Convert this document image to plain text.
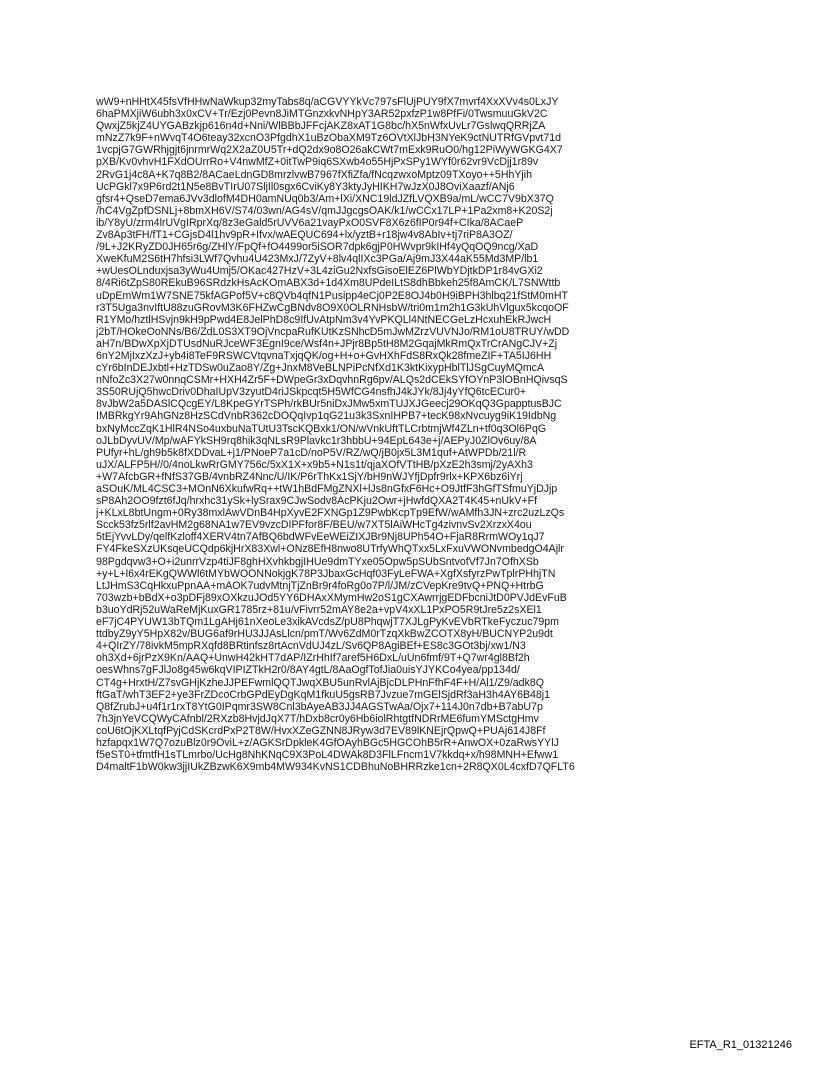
wW9+nHHtX45fsVfHHwNaWkup32myTabs8q/aCGVYYkVc797sFlUjPUY9fX7mvrf4XxXVv4s0LxJY
6haPMXjiW6ubh3x0xCV+Tr/Ezj0Pevn8JiMTGnzxkvNHpY3AR52pxfzP1w8PfFi/0TwsmuuGkV2C
QwxjZ5kjZ4UYGABzkjp616n4d+Nni/WlBBbJFFcjAKZ8xAT1G8bc/hX5nWfxUvLr7GslwqQRRjZA
mNzZ7k9F+nWvqT4O6teay32xcnO3PfgdhX1uBzObaXM9Tz6OVtXlJbH3NYeK9ctNUTRfGVpvt71d
1vcpjG7GWRhjgjt6jnrmrWq2X2aZ0U5Tr+dQ2dx9o8O26akCWt7mExk9RuO0/hg12PiWyWGKG4X7
pXB/Kv0vhvH1FXdOUrrRo+V4nwMfZ+0itTwP9iq6SXwb4o55HjPxSPy1WYf0r62vr9VcDjj1r89v
2RvG1j4c8A+K7q8B2/8ACaeLdnGD8mrzlvwB7967fXfiZfa/fNcqzwxoMptz09TXoyo++5HhYjih
UcPGkl7x9P6rd2t1N5e8BvTIrU07SljIl0sgx6CviKy8Y3ktyJyHIKH7wJzX0J8OviXaazf/ANj6
gfsr4+QseD7ema6JVv3dlofM4DH0amNUq0b3/Am+lXi/XNC19ldJZfLVQXB9a/mL/wCC7V9bX37Q
/hC4VgZpfDSNLj+8bmXH6V/S74/03wn/AG4sV/qmJJgcgsOAK/k1/wCCx17LP+1Pa2xm8+K20S2j
ib/Y8yU/zrm4lrUVgIRprXq/8z3eGald5rUVV6a21vayPxO0SVF8X6z6fIP0r94f+CIka/8ACaeP
Zv8Ap3tFH/fT1+CGjsD4l1hv9pR+Ifvx/wAEQUC694+lx/yztB+r18jw4v8AbIv+tj7riP8A3OZ/
/9L+J2KRyZD0JH65r6g/ZHlY/FpQf+fO4499or5iSOR7dpk6gjP0HWvpr9kIHf4yQqOQ9ncg/XaD
XweKfuM2S6tH7hfsi3LWf7Qvhu4U423MxJ/7ZyV+8lv4qlIXc3PGa/Aj9mJ3X44aK55Md3MP/lb1
+wUesOLnduxjsa3yWu4Umj5/OKac427HzV+3L4ziGu2NxfsGisoElEZ6PlWbYDjtkDP1r84vGXi2
8/4Ri6tZpS80REkuB96SRdzkHsAcKOmABX3d+1d4Xm8UPdeILtS8dhBbkeh25f8AmCK/L7SNWttb
uDpEmWm1W7SNE75kfAGPof5V+c8QVb4qfN1Pusipp4eCj0P2E8OJ4b0H9iBPH3hlbq21fStM0mHT
r3T5Uga3nvIftU88zuGRovM3K6FHZwCgBNdv8O9X0OLRNHsbW/tri0m1m2h1G3kUhVlgux5kcqoOF
R1YMo/hztlHSvjn9kH9pPwd4E8JelPhD8c9IfUvAtpNm3v4YvPKQLl4NtNECGeLzHcxuhEkRJwcH
j2bT/HOkeOoNNs/B6/ZdL0S3XT9OjVncpaRufKUtKzSNhcD5mJwMZrzVUVNJo/RM1oU8TRUY/wDD
aH7n/BDwXpXjDTUsdNuRJceWF3EgnI9ce/Wsf4n+JPjr8Bp5tH8M2GqajMkRmQxTrCrANgCJV+Zj
6nY2MjIxzXzJ+yb4i8TeF9RSWCVtqvnaTxjqQK/og+H+o+GvHXhFdS8RxQk28fmeZIF+TA5IJ6HH
cYr6bInDEJxbtl+HzTDSw0uZao8Y/Zg+JnxM8VeBLNPiPcNfXd1K3ktKixypHblTlJSgCuyMQmcA
nNfoZc3X27w0nnqCSMr+HXH4Zr5F+DWpeGr3xDqvhnRg6pv/ALQs2dCEkSYfOYnP3lOBnHQivsqS
3S50RUjQ5hwcDriv0DhaIUpV3zyutD4riJSkpcqt5H5WfCG4nsfhJ4kJYk/8Jj4yYfQ6tcECur0+
8vJbW2a5DASlCQcgEY/L8KpeGYrTSPh/rkBUr5niDxJMw5xmTUJXJGeecj29OKqQ3GpapptusBJC
IMBRkgYr9AhGNz8HzSCdVnbR362cDOQqIvp1qG21u3k3SxnIHPB7+tecK98xNvcuyg9iK19IdbNg
bxNyMccZqK1HlR4NSo4uxbuNaTUtU3TscKQBxk1/ON/wVnkUftTLCrbtmjWf4ZLn+tf0q3Ol6PqG
oJLbDyvUV/Mp/wAFYkSH9rq8hik3qNLsR9Plavkc1r3hbbU+94EpL643e+j/AEPyJ0ZlOv6uy/8A
PUfyr+hL/gh9b5k8fXDDvaL+j1/PNoeP7a1cD/noP5V/RZ/wQ/jB0jx5L3M1quf+AtWPDb/21l/R
uJX/ALFP5H//0/4noLkwRrGMY756c/5xX1X+x9b5+N1s1t/qjaXOfVTtHB/pXzE2h3smj/2yAXh3
+W7AfcbGR+fNfS37GB/4vnbRZ4Nnc/U/IK/P6rThKx1SjY/bH9nWJYfjDpfr9rlx+KPX6bz6iYrj
aSOuK/ML4CSC3+MOnN6XkufwRq++tW1hBdFMgZNXl+lJs8nGfxF6Hc+O9JtfF3hGfTSfmuYjDJjp
sP8Ah2OO9fzt6fJq/hrxhc31ySk+lySrax9CJwSodv8AcPKju2Owr+jHwfdQXA2T4K45+nUkV+Ff
j+KLxL8btUngm+0Ry38mxlAwVDnB4HpXyvE2FXNGp1Z9PwbKcpTp9EfW/wAMfh3JN+zrc2uzLzQs
Scck53fz5rlf2avHM2g68NA1w7EV9vzcDIPFfor8F/BEU/w7XT5lAiWHcTg4zivnvSv2XrzxX4ou
5tEjYvvLDy/qelfKzloff4XERV4tn7AfBQ6bdWFvEeWEiZIXJBr9Nj8UPh54O+FjaR8RrmWOy1qJ7
FY4FkeSXzUKsqeUCQdp6kjHrX83Xwl+ONz8EfH8nwo8UTrfyWhQTxx5LxFxuVWONvmbedgO4Ajlr
98Pgdqvw3+O+i2unrrVzp4tiJF8ghHXvhkbgjIHUe9dmTYxe05Opw5pSUbSntvofVf7Jn7OfhXSb
+y+L+l6x4rEKgQWWl6tMYbWOONNokjgK78P3JbaxGcHqf03FyLeFWA+XgfXsfyrzPwTplrPHhjTN
LtJHmS3CqHkxuPpnAA+mAOK7udvMtnjTjZnBr9r4foRg0o7P/l/JM/zCVepKre9tvQ+PNQ+HtrbG
703wzb+bBdX+o3pDFj89xOXkzuJOd5YY6DHAxXMymHw2oS1gCXAwrrjgEDFbcniJtD0PVJdEvFuB
b3uoYdRj52uWaReMjKuxGR1785rz+81u/vFivrr52mAY8e2a+vpV4xXL1PxPO5R9tJre5z2sXEl1
eF7jC4PYUW13bTQm1LgAHj61nXeoLe3xikAVcdsZ/pU8PhqwjT7XJLgPyKvEVbRTkeFyczuc79pm
ttdbyZ9yY5HpX82v/BUG6af9rHU3JJAsLlcn/pmT/Wv6ZdM0rTzqXkBwZCOTX8yH/BUCNYP2u9dt
4+QIrZY/78ivkM5mpRXqfd8BRtinfsz8rtAcnVdUJ4zL/Sv6QP8AgiBEf+ES8c3GOt3bj/xw1/N3
oh3Xd+6jrPzX9Kn/AAQ+UnwH42kHT7dAP/IZrHhIf7aref5H6DxL/uUn6fmf/9T+Q7wr4gl8Bf2h
oesWhns7gFJlJo8g45w6kqVIPIZTkH2r0/8AY4gtL/8AaOgfTofJia0uisYJYKCo4yea/pp134d/
CT4g+HrxtH/Z7svGHjKzheJJPEFwmlQQTJwqXBU5unRvlAjBjcDLPHnFfhF4F+H/Al1/Z9/adk8Q
ftGaT/whT3EF2+ye3FrZDcoCrbGPdEyDgKqM1fkuU5gsRB7Jvzue7mGElSjdRf3aH3h4AY6B48j1
Q8fZrubJ+u4f1r1rxT8YtG0IPqmr3SW8Cnl3bAyeAB3JJ4AGSTwAa/Ojx7+114J0n7db+B7abU7p
7h3jnYeVCQWyCAfnbl/2RXzb8HvjdJqX7T/hDxb8cr0y6Hb6iolRhtgtfNDRrME6fumYMSctgHmv
coU6tOjKXLtqfPyjCdSKcrdPxP2T8W/HvxXZeGZNN8JRyw3d7EV89lKNEjrQpwQ+PUAj614J8Ff
hzfapqx1W7Q7ozuBlz0r9OviL+z/AGKSrDpkleK4GfOAyhBGc5HGCOhB5rR+AnwOX+0zaRwsYYlJ
f5eST0+tfmtfH1sTLmrbo/UcHg8NhKNqC9X3PoL4DWAk8D3FlLFncm1V7kkdq+x/h98MNH+Efww1
D4maltF1bW0kw3jjIUkZBzwK6X9mb4MW934KvNS1CDBhuNoBHRRzke1cn+2R8QX0L4cxfD7QFLT6
EFTA_R1_01321246
